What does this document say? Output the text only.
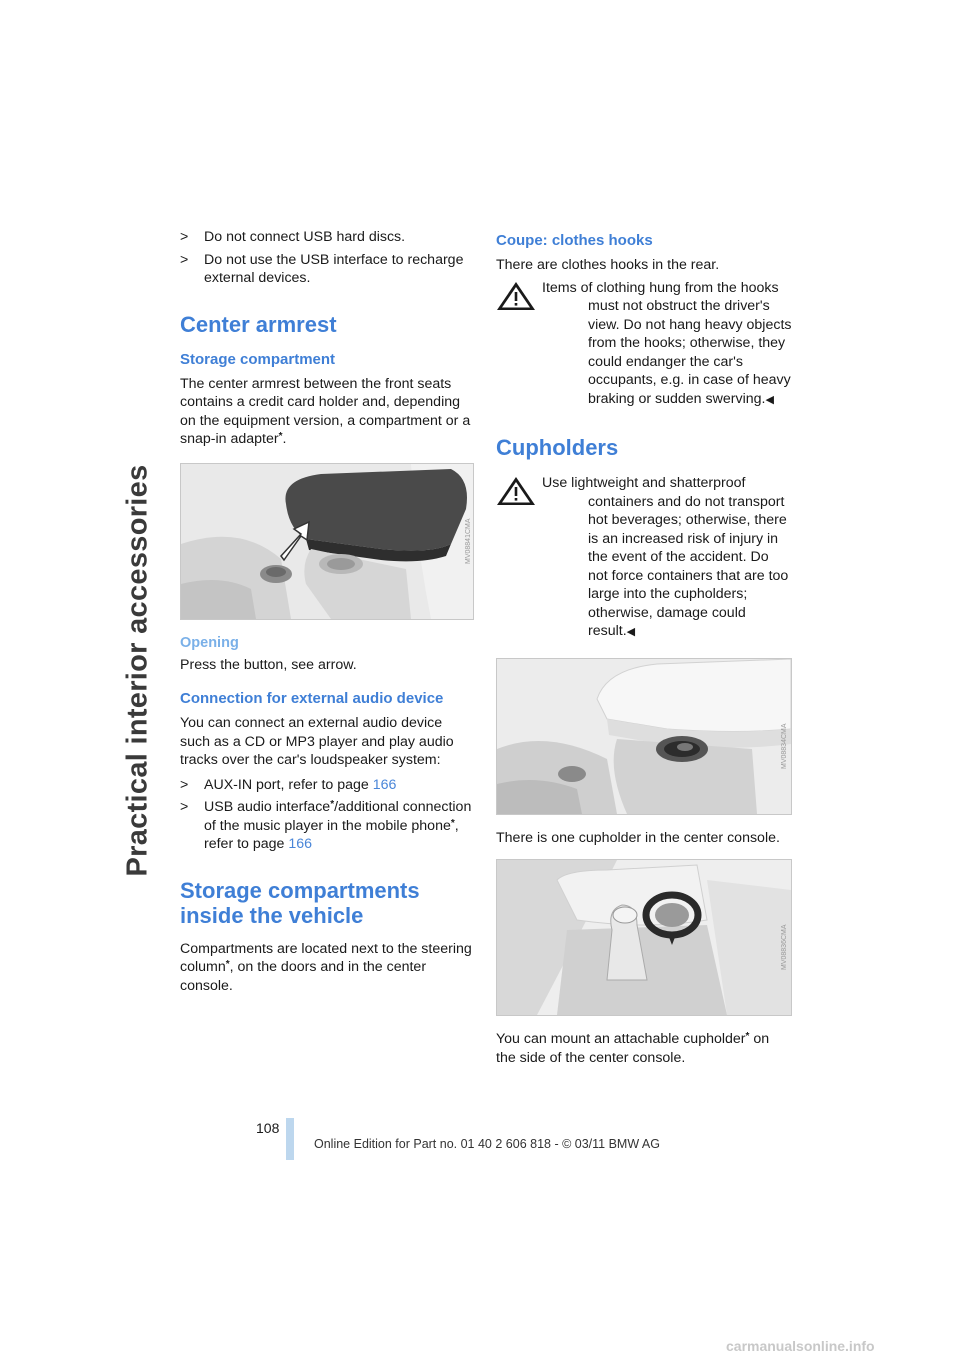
Practical interior accessories
>	Do not connect USB hard discs.
>	Do not use the USB interface to recharge external devices.
Center armrest
Storage compartment

The center armrest between the front seats contains a credit card holder and, depending on the equipment version, a compartment or a snap-in adapter*.

MV08841CMA
Opening

Press the button, see arrow.

Connection for external audio device

You can connect an external audio device such as a CD or MP3 player and play audio tracks over the car's loudspeaker system:

>	AUX-IN port, refer to page 166
>	USB audio interface*/additional connection of the music player in the mobile phone*,
refer to page 166
Storage compartments inside the vehicle

Compartments are located next to the steering column*, on the doors and in the center console.

Coupe: clothes hooks

There are clothes hooks in the rear.

Items of clothing hung from the hooks must not obstruct the driver's view. Do not hang heavy objects from the hooks; otherwise, they could endanger the car's occupants, e.g. in case of heavy braking or sudden swerving.◀

Cupholders

Use lightweight and shatterproof containers and do not transport hot beverages; otherwise, there is an increased risk of injury in the event of the accident. Do not force containers that are too large into the cupholders; otherwise, damage could result.◀

MV08834CMA

There is one cupholder in the center console.

MV08836CMA

You can mount an attachable cupholder* on the side of the center console.

108
Online Edition for Part no. 01 40 2 606 818 - © 03/11 BMW AG
carmanualsonline.info
